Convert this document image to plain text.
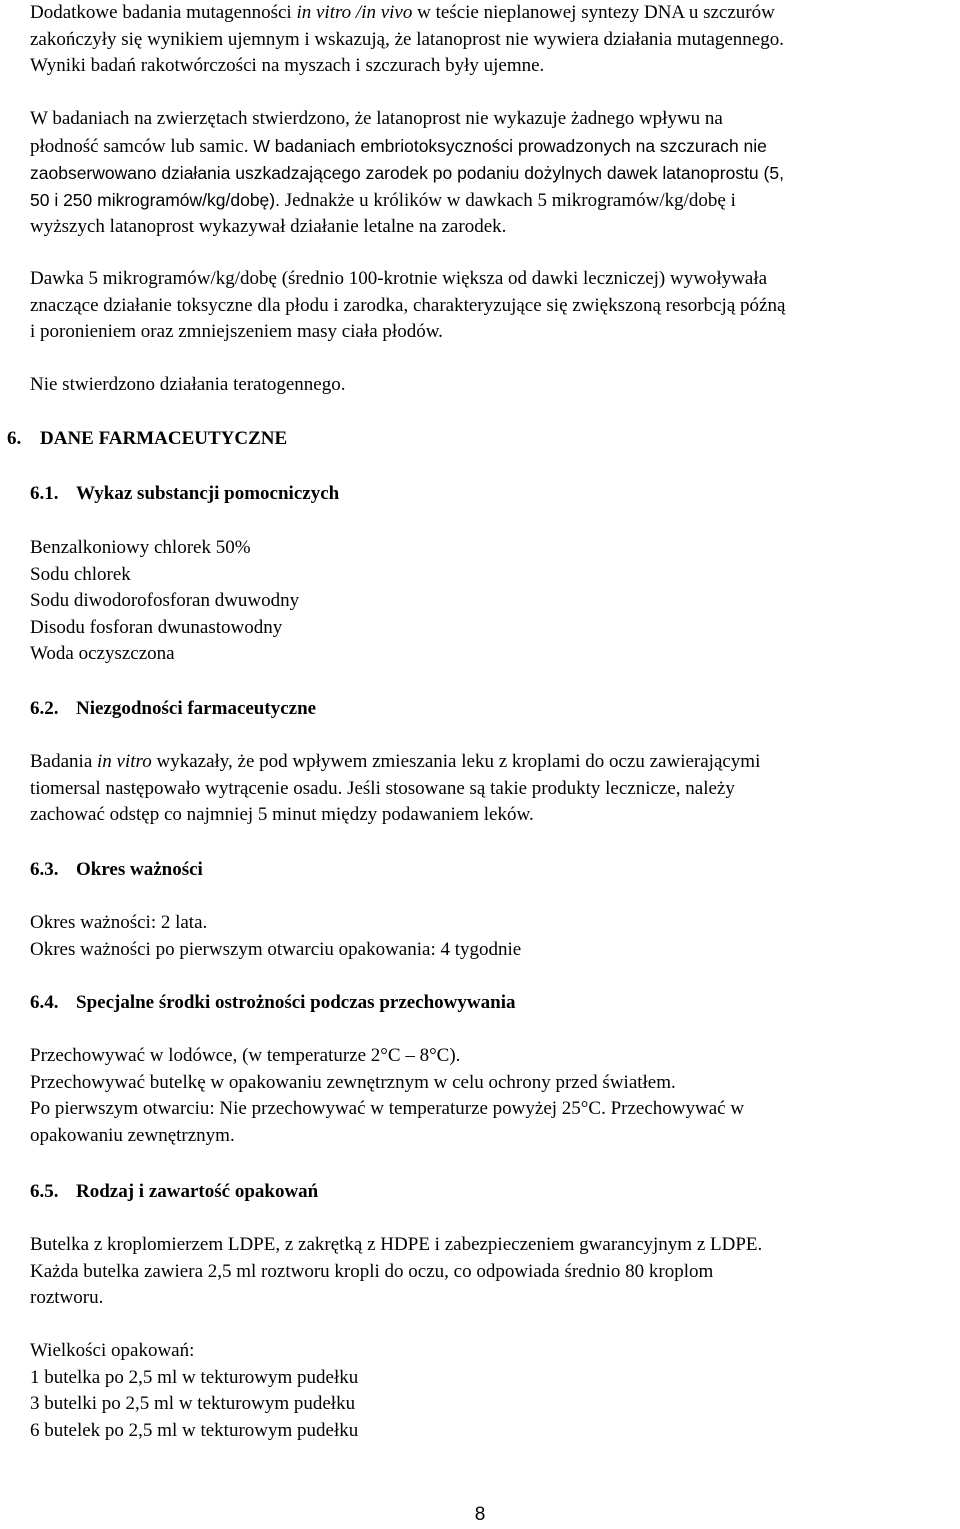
Dodatkowe badania mutagenności in vitro /in vivo w teście nieplanowej syntezy DNA u szczurów
zakończyły się wynikiem ujemnym i wskazują, że latanoprost nie wywiera działania mutagennego.
Wyniki badań rakotwórczości na myszach i szczurach były ujemne.
W badaniach na zwierzętach stwierdzono, że latanoprost nie wykazuje żadnego wpływu na
płodność samców lub samic. W badaniach embriotoksyczności prowadzonych na szczurach nie
zaobserwowano działania uszkadzającego zarodek po podaniu dożylnych dawek latanoprostu (5,
50 i 250 mikrogramów/kg/dobę). Jednakże u królików w dawkach 5 mikrogramów/kg/dobę i
wyższych latanoprost wykazywał działanie letalne na zarodek.
Dawka 5 mikrogramów/kg/dobę (średnio 100-krotnie większa od dawki leczniczej) wywoływała
znaczące działanie toksyczne dla płodu i zarodka, charakteryzujące się zwiększoną resorbcją późną
i poronieniem oraz zmniejszeniem masy ciała płodów.
Nie stwierdzono działania teratogennego.
6. DANE FARMACEUTYCZNE
6.1. Wykaz substancji pomocniczych
Benzalkoniowy chlorek 50%
Sodu chlorek
Sodu diwodorofosforan dwuwodny
Disodu fosforan dwunastowodny
Woda oczyszczona
6.2. Niezgodności farmaceutyczne
Badania in vitro wykazały, że pod wpływem zmieszania leku z kroplami do oczu zawierającymi
tiomersal następowało wytrącenie osadu. Jeśli stosowane są takie produkty lecznicze, należy
zachować odstęp co najmniej 5 minut między podawaniem leków.
6.3. Okres ważności
Okres ważności: 2 lata.
Okres ważności po pierwszym otwarciu opakowania: 4 tygodnie
6.4. Specjalne środki ostrożności podczas przechowywania
Przechowywać w lodówce, (w temperaturze 2°C – 8°C).
Przechowywać butelkę w opakowaniu zewnętrznym w celu ochrony przed światłem.
Po pierwszym otwarciu: Nie przechowywać w temperaturze powyżej 25°C. Przechowywać w
opakowaniu zewnętrznym.
6.5. Rodzaj i zawartość opakowań
Butelka z kroplomierzem LDPE, z zakrętką z HDPE i zabezpieczeniem gwarancyjnym z LDPE.
Każda butelka zawiera 2,5 ml roztworu kropli do oczu, co odpowiada średnio 80 kroplom
roztworu.
Wielkości opakowań:
1 butelka po 2,5 ml w tekturowym pudełku
3 butelki po 2,5 ml w tekturowym pudełku
6 butelek po 2,5 ml w tekturowym pudełku
8
